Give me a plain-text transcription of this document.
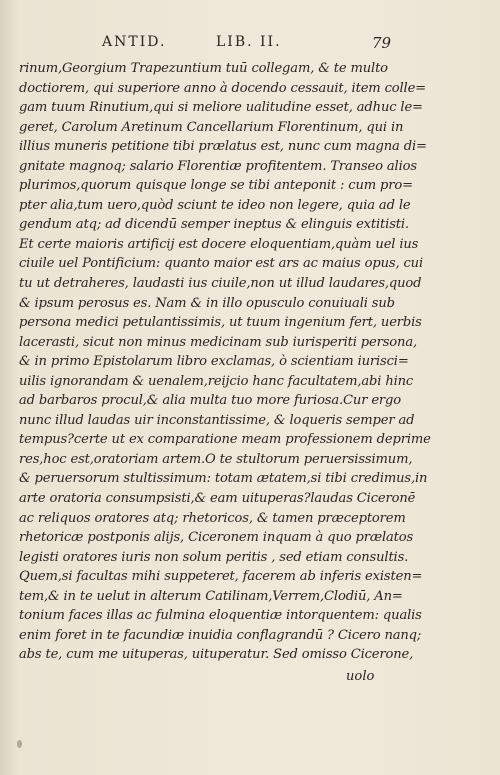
ANTID.	LIB. II.	79
rinum,Georgium Trapezuntium tuū collegam, & te multo
doctiorem, qui superiore anno à docendo cessauit, item colle=
gam tuum Rinutium,qui si meliore ualitudine esset, adhuc le=
geret, Carolum Aretinum Cancellarium Florentinum, qui in
illius muneris petitione tibi prælatus est, nunc cum magna di=
gnitate magnoq; salario Florentiæ profitentem. Transeo alios
plurimos,quorum quisque longe se tibi anteponit : cum pro=
pter alia,tum uero,quòd sciunt te ideo non legere, quia ad le
gendum atq; ad dicendū semper ineptus & elinguis extitisti.
Et certe maioris artificij est docere eloquentiam,quàm uel ius
ciuile uel Pontificium: quanto maior est ars ac maius opus, cui
tu ut detraheres, laudasti ius ciuile,non ut illud laudares,quod
& ipsum perosus es. Nam & in illo opusculo conuiuali sub
persona medici petulantissimis, ut tuum ingenium fert, uerbis
lacerasti, sicut non minus medicinam sub iurisperiti persona,
& in primo Epistolarum libro exclamas, ò scientiam iurisci=
uilis ignorandam & uenalem,reijcio hanc facultatem,abi hinc
ad barbaros procul,& alia multa tuo more furiosa.Cur ergo
nunc illud laudas uir inconstantissime, & loqueris semper ad
tempus?certe ut ex comparatione meam professionem deprime
res,hoc est,oratoriam artem.O te stultorum peruersissimum,
& peruersorum stultissimum: totam ætatem,si tibi credimus,in
arte oratoria consumpsisti,& eam uituperas?laudas Ciceronē
ac reliquos oratores atq; rhetoricos, & tamen præceptorem
rhetoricæ postponis alijs, Ciceronem inquam à quo prælatos
legisti oratores iuris non solum peritis , sed etiam consultis.
Quem,si facultas mihi suppeteret, facerem ab inferis existen=
tem,& in te uelut in alterum Catilinam,Verrem,Clodiū, An=
tonium faces illas ac fulmina eloquentiæ intorquentem: qualis
enim foret in te facundiæ inuidia conflagrandū ? Cicero nanq;
abs te, cum me uituperas, uituperatur. Sed omisso Cicerone,
uolo
